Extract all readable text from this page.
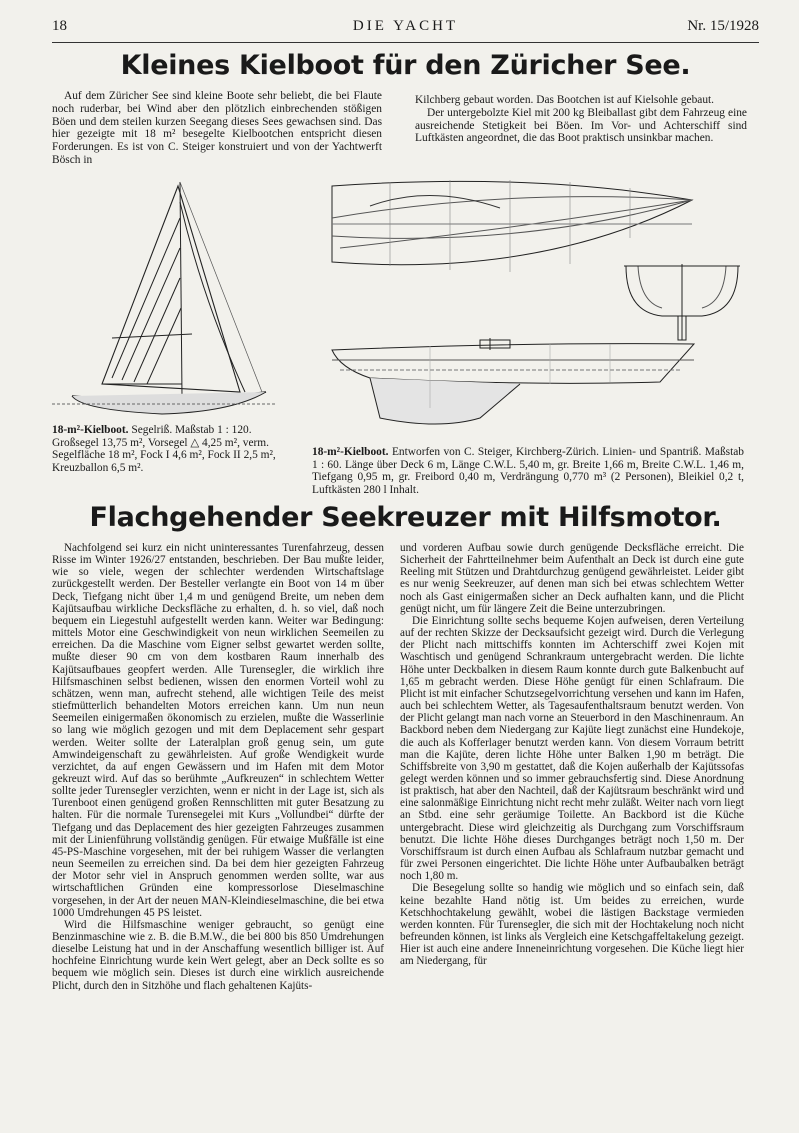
18	DIE YACHT	Nr. 15/1928
Kleines Kielboot für den Züricher See.

Auf dem Züricher See sind kleine Boote sehr beliebt, die bei Flaute noch ruderbar, bei Wind aber den plötzlich einbrechenden stößigen Böen und dem steilen kurzen Seegang dieses Sees gewachsen sind. Das hier gezeigte mit 18 m² besegelte Kielbootchen entspricht diesen Forderungen. Es ist von C. Steiger konstruiert und von der Yachtwerft Bösch in

Kilchberg gebaut worden. Das Bootchen ist auf Kielsohle gebaut.

Der untergebolzte Kiel mit 200 kg Bleiballast gibt dem Fahrzeug eine ausreichende Stetigkeit bei Böen. Im Vor- und Achterschiff sind Luftkästen angeordnet, die das Boot praktisch unsinkbar machen.

18-m²-Kielboot. Segelriß. Maßstab 1 : 120. Großsegel 13,75 m², Vorsegel △ 4,25 m², verm. Segelfläche 18 m², Fock I 4,6 m², Fock II 2,5 m², Kreuzballon 6,5 m².
18-m²-Kielboot. Entworfen von C. Steiger, Kirchberg-Zürich. Linien- und Spantriß. Maßstab 1 : 60. Länge über Deck 6 m, Länge C.W.L. 5,40 m, gr. Breite 1,66 m, Breite C.W.L. 1,46 m, Tiefgang 0,95 m, gr. Freibord 0,40 m, Verdrängung 0,770 m³ (2 Personen), Bleikiel 0,2 t, Luftkästen 280 l Inhalt.
Flachgehender Seekreuzer mit Hilfsmotor.

Nachfolgend sei kurz ein nicht uninteressantes Turenfahrzeug, dessen Risse im Winter 1926/27 entstanden, beschrieben. Der Bau mußte leider, wie so viele, wegen der schlechter werdenden Wirtschaftslage zurückgestellt werden. Der Besteller verlangte ein Boot von 14 m über Deck, Tiefgang nicht über 1,4 m und genügend Breite, um neben dem Kajütsaufbau wirkliche Decksfläche zu erhalten, d. h. so viel, daß noch bequem ein Liegestuhl aufgestellt werden kann. Weiter war Bedingung: mittels Motor eine Geschwindigkeit von neun wirklichen Seemeilen zu erreichen. Da die Maschine vom Eigner selbst gewartet werden sollte, mußte dieser 90 cm von dem kostbaren Raum innerhalb des Kajütsaufbaues geopfert werden. Alle Turensegler, die wirklich ihre Hilfsmaschinen selbst bedienen, wissen den enormen Vorteil wohl zu schätzen, wenn man, aufrecht stehend, alle wichtigen Teile des meist stiefmütterlich behandelten Motors erreichen kann. Um nun neun Seemeilen einigermaßen ökonomisch zu erzielen, mußte die Wasserlinie so lang wie möglich gezogen und mit dem Deplacement sehr gespart werden. Weiter sollte der Lateralplan groß genug sein, um gute Amwindeigenschaft zu gewährleisten. Auf große Wendigkeit wurde verzichtet, da auf engen Gewässern und im Hafen mit dem Motor gekreuzt wird. Auf das so berühmte „Aufkreuzen“ in schlechtem Wetter sollte jeder Turensegler verzichten, wenn er nicht in der Lage ist, sich als Turenboot einen genügend großen Rennschlitten mit guter Besatzung zu halten. Für die normale Turensegelei mit Kurs „Vollundbei“ dürfte der Tiefgang und das Deplacement des hier gezeigten Fahrzeuges zusammen mit der Linienführung vollständig genügen. Für etwaige Mußfälle ist eine 45-PS-Maschine vorgesehen, mit der bei ruhigem Wasser die verlangten neun Seemeilen zu erreichen sind. Da bei dem hier gezeigten Fahrzeug der Motor sehr viel in Anspruch genommen werden sollte, war aus wirtschaftlichen Gründen eine kompressorlose Dieselmaschine vorgesehen, in der Art der neuen MAN-Kleindieselmaschine, die bei etwa 1000 Umdrehungen 45 PS leistet.

Wird die Hilfsmaschine weniger gebraucht, so genügt eine Benzinmaschine wie z. B. die B.M.W., die bei 800 bis 850 Umdrehungen dieselbe Leistung hat und in der Anschaffung wesentlich billiger ist. Auf hochfeine Einrichtung wurde kein Wert gelegt, aber an Deck sollte es so bequem wie möglich sein. Dieses ist durch eine wirklich ausreichende Plicht, durch den in Sitzhöhe und flach gehaltenen Kajüts-

und vorderen Aufbau sowie durch genügende Decksfläche erreicht. Die Sicherheit der Fahrtteilnehmer beim Aufenthalt an Deck ist durch eine gute Reeling mit Stützen und Drahtdurchzug genügend gewährleistet. Leider gibt es nur wenig Seekreuzer, auf denen man sich bei etwas schlechtem Wetter noch als Gast einigermaßen sicher an Deck aufhalten kann, und die Plicht genügt nicht, um für längere Zeit die Beine unterzubringen.

Die Einrichtung sollte sechs bequeme Kojen aufweisen, deren Verteilung auf der rechten Skizze der Decksaufsicht gezeigt wird. Durch die Verlegung der Plicht nach mittschiffs konnten im Achterschiff zwei Kojen mit Waschtisch und genügend Schrankraum untergebracht werden. Die lichte Höhe unter Deckbalken in diesem Raum konnte durch gute Balkenbucht auf 1,65 m gebracht werden. Diese Höhe genügt für einen Schlafraum. Die Plicht ist mit einfacher Schutzsegelvorrichtung versehen und kann im Hafen, auch bei schlechtem Wetter, als Tagesaufenthaltsraum benutzt werden. Von der Plicht gelangt man nach vorne an Steuerbord in den Maschinenraum. An Backbord neben dem Niedergang zur Kajüte liegt zunächst eine Hundekoje, die auch als Kofferlager benutzt werden kann. Von diesem Vorraum betritt man die Kajüte, deren lichte Höhe unter Balken 1,90 m beträgt. Die Schiffsbreite von 3,90 m gestattet, daß die Kojen außerhalb der Kajütssofas gelegt werden können und so immer gebrauchsfertig sind. Diese Anordnung ist praktisch, hat aber den Nachteil, daß der Kajütsraum beschränkt wird und eine salonmäßige Einrichtung nicht recht mehr zuläßt. Weiter nach vorn liegt an Stbd. eine sehr geräumige Toilette. An Backbord ist die Küche untergebracht. Diese wird gleichzeitig als Durchgang zum Vorschiffsraum benutzt. Die lichte Höhe dieses Durchganges beträgt noch 1,50 m. Der Vorschiffsraum ist durch einen Aufbau als Schlafraum nutzbar gemacht und für zwei Personen eingerichtet. Die lichte Höhe unter Aufbaubalken beträgt noch 1,80 m.

Die Besegelung sollte so handig wie möglich und so einfach sein, daß keine bezahlte Hand nötig ist. Um beides zu erreichen, wurde Ketschhochtakelung gewählt, wobei die lästigen Backstage vermieden werden konnten. Für Turensegler, die sich mit der Hochtakelung noch nicht befreunden können, ist links als Vergleich eine Ketschgaffeltakelung gezeigt. Hier ist auch eine andere Inneneinrichtung vorgesehen. Die Küche liegt hier am Niedergang, für
